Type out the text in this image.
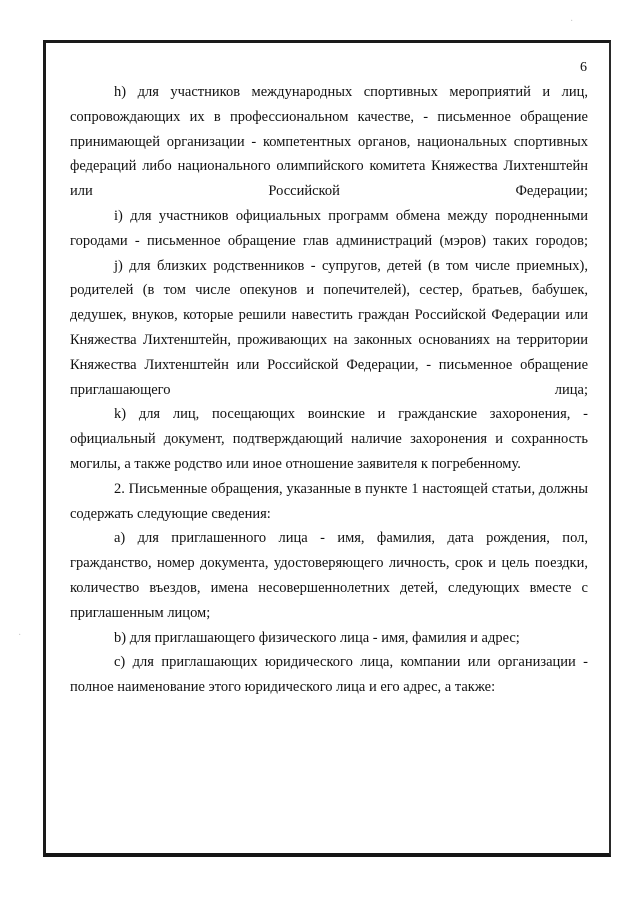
·
·
6

h) для участников международных спортивных мероприятий и лиц, сопровождающих их в профессиональном качестве, - письменное обращение принимающей организации - компетентных органов, национальных спортивных федераций либо национального олимпийского комитета Княжества Лихтенштейн или Российской Федерации;

i) для участников официальных программ обмена между породненными городами - письменное обращение глав администраций (мэров) таких городов;

j) для близких родственников - супругов, детей (в том числе приемных), родителей (в том числе опекунов и попечителей), сестер, братьев, бабушек, дедушек, внуков, которые решили навестить граждан Российской Федерации или Княжества Лихтенштейн, проживающих на законных основаниях на территории Княжества Лихтенштейн или Российской Федерации, - письменное обращение приглашающего лица;

k) для лиц, посещающих воинские и гражданские захоронения, - официальный документ, подтверждающий наличие захоронения и сохранность могилы, а также родство или иное отношение заявителя к погребенному.

2. Письменные обращения, указанные в пункте 1 настоящей статьи, должны содержать следующие сведения:

а) для приглашенного лица - имя, фамилия, дата рождения, пол, гражданство, номер документа, удостоверяющего личность, срок и цель поездки, количество въездов, имена несовершеннолетних детей, следующих вместе с приглашенным лицом;

b) для приглашающего физического лица - имя, фамилия и адрес;

с) для приглашающих юридического лица, компании или организации - полное наименование этого юридического лица и его адрес, а также:
